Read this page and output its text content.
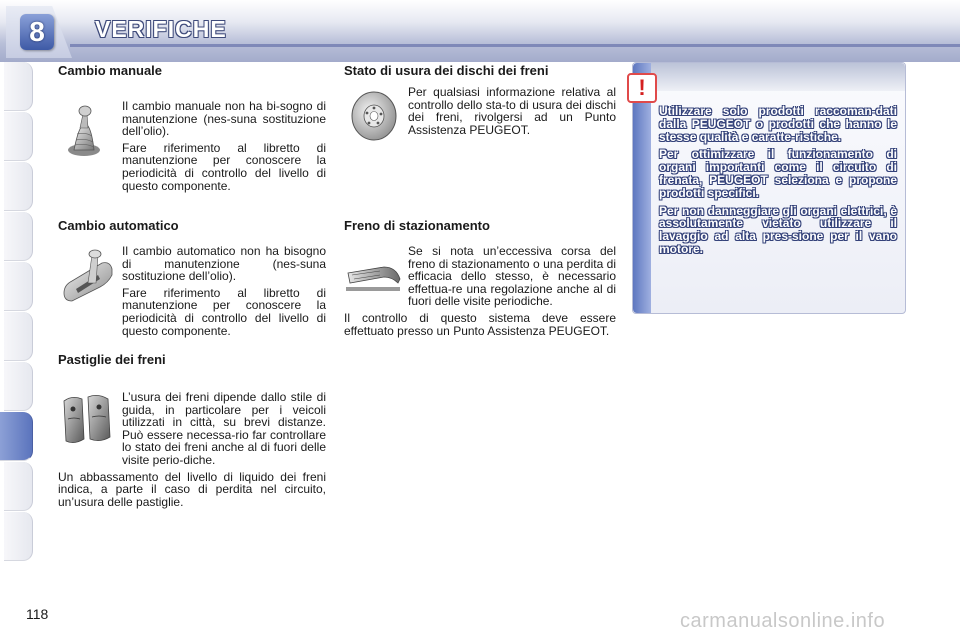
8	VERIFICHE
Cambio manuale

Il cambio manuale non ha bi-sogno di manutenzione (nes-suna sostituzione dell’olio).

Fare riferimento al libretto di manutenzione per conoscere la periodicità di controllo del livello di questo componente.

Cambio automatico

Il cambio automatico non ha bisogno di manutenzione (nes-suna sostituzione dell’olio).

Fare riferimento al libretto di manutenzione per conoscere la periodicità di controllo del livello di questo componente.

Pastiglie dei freni

L’usura dei freni dipende dallo stile di guida, in particolare per i veicoli utilizzati in città, su brevi distanze. Può essere necessa-rio far controllare lo stato dei freni anche al di fuori delle visite perio-diche.

Un abbassamento del livello di liquido dei freni indica, a parte il caso di perdita nel circuito, un’usura delle pastiglie.

Stato di usura dei dischi dei freni

Per qualsiasi informazione relativa al controllo dello sta-to di usura dei dischi dei freni, rivolgersi ad un Punto Assistenza PEUGEOT.

Freno di stazionamento

Se si nota un’eccessiva corsa del freno di stazionamento o una perdita di efficacia dello stesso, è necessario effettua-re una regolazione anche al di fuori delle visite periodiche.

Il controllo di questo sistema deve essere effettuato presso un Punto Assistenza PEUGEOT.

!

Utilizzare solo prodotti raccoman-dati dalla PEUGEOT o prodotti che hanno le stesse qualità e caratte-ristiche.

Per ottimizzare il funzionamento di organi importanti come il circuito di frenata, PEUGEOT seleziona e propone prodotti specifici.

Per non danneggiare gli organi elettrici, è assolutamente vietato utilizzare il lavaggio ad alta pres-sione per il vano motore.

118	carmanualsonline.info
